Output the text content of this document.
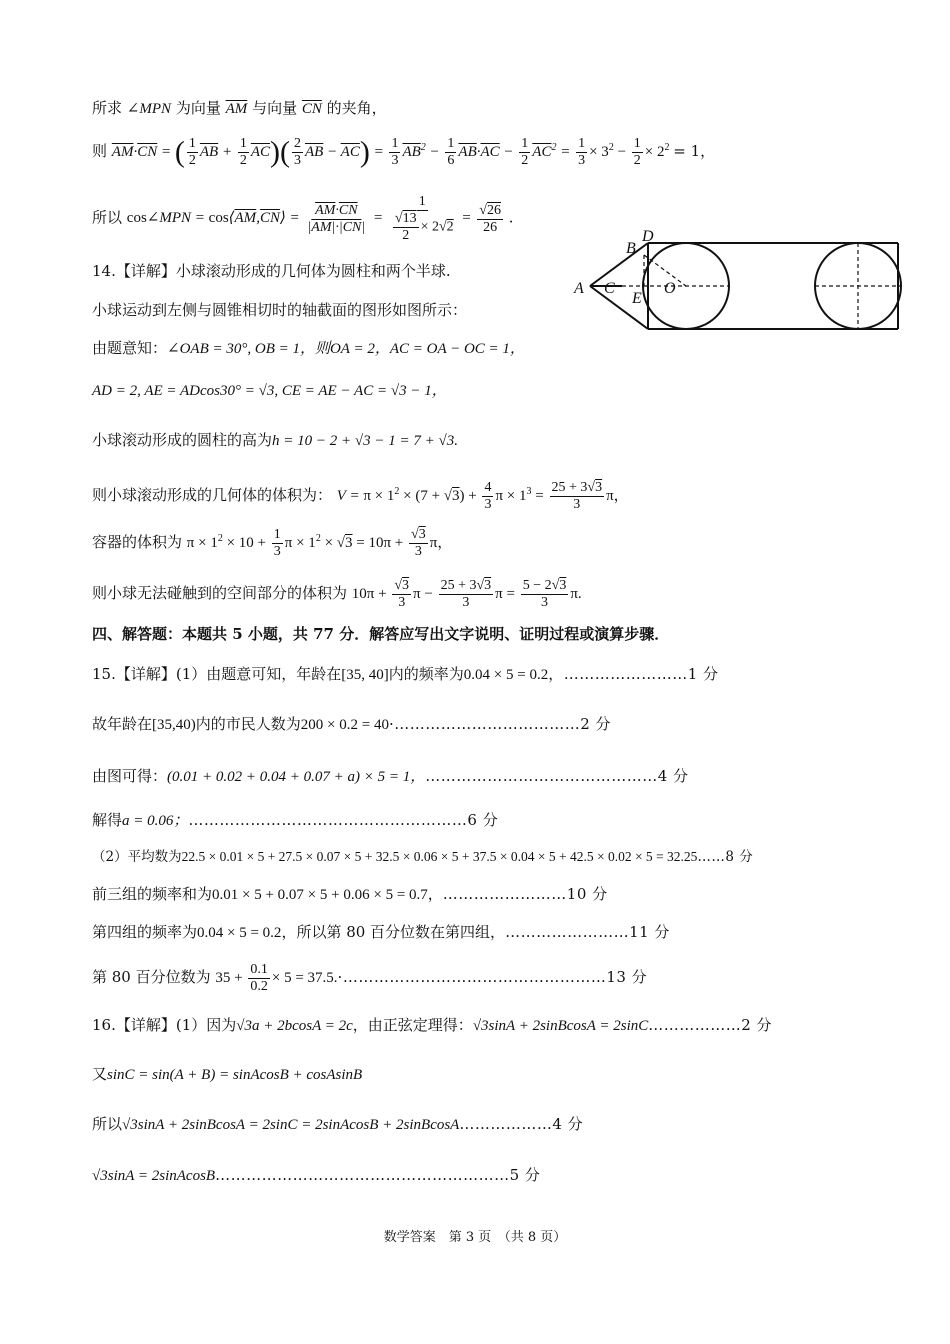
所求 ∠MPN 为向量 $\overline{AM}$ 与向量 $\overline{CN}$ 的夹角，
则 $\overline{AM}\cdot\overline{CN}$ = ( $\frac{1}{2} \overline{AB} + \frac{1}{2} \overline{AC})( \frac{2}{3} \overline{AB} - \overline{AC}) = \frac{1}{3} \overline{AB}^2 - \frac{1}{6} \overline{AB}\cdot\overline{AC} - \frac{1}{2} \overline{AC}^2 = \frac{1}{3} \times 3^2 - \frac{1}{2} \times 2^2 = 1$，
所以 cos∠MPN = $\cos⟨\overline{AM},\overline{CN}⟩ = \frac{\overline{AM}\cdot\overline{CN}}{|\overline{AM}|\cdot|\overline{CN}|} = \frac{1}{\frac{√13}{2} \times 2√2} = \frac{√26}{26}$ .
A
B
C
D
E
O
14.【详解】小球滚动形成的几何体为圆柱和两个半球.
小球运动到左侧与圆锥相切时的轴截面的图形如图所示：
由题意知：∠OAB = 30°, OB = 1，则OA = 2，AC = OA − OC = 1，
AD = 2, AE = ADcos30° = √3, CE = AE − AC = √3 − 1，
小球滚动形成的圆柱的高为h = 10 − 2 + √3 − 1 = 7 + √3.
则小球滚动形成的几何体的体积为： $V = \pi \times 1^2 \times (7 + √3) + \frac{4}{3}$ $\pi \times 1^3 = \frac{25 + 3√3}{3}$ π，
容器的体积为 $\pi \times 1^2 \times 10 + \frac{1}{3}$ $\pi \times 1^2 \times √3 = 10\pi + \frac{√3}{3}$ π，
则小球无法碰触到的空间部分的体积为 $10\pi + \frac{√3}{3}$ $\pi - \frac{25 + 3√3}{3}$ $\pi = \frac{5 - 2√3}{3} \pi$.
四、解答题：本题共 5 小题，共 77 分．解答应写出文字说明、证明过程或演算步骤．
15.【详解】(1）由题意可知，年龄在[35, 40]内的频率为0.04 × 5 = 0.2，……………………1 分
故年龄在[35,40)内的市民人数为200 × 0.2 = 40·………………………………2 分
由图可得：(0.01 + 0.02 + 0.04 + 0.07 + a) × 5 = 1，………………………………………4 分
解得a = 0.06；………………………………………………6 分
（2）平均数为22.5 × 0.01 × 5 + 27.5 × 0.07 × 5 + 32.5 × 0.06 × 5 + 37.5 × 0.04 × 5 + 42.5 × 0.02 × 5 = 32.25……8 分
前三组的频率和为0.01 × 5 + 0.07 × 5 + 0.06 × 5 = 0.7，……………………10 分
第四组的频率为0.04 × 5 = 0.2，所以第 80 百分位数在第四组，……………………11 分
第 80 百分位数为 $35 + \frac{0.1}{0.2} \times 5$ = 37.5.·……………………………………………13 分
16.【详解】(1）因为√3a + 2bcosA = 2c，由正弦定理得：√3sinA + 2sinBcosA = 2sinC………………2 分
又sinC = sin(A + B) = sinAcosB + cosAsinB
所以√3sinA + 2sinBcosA = 2sinC = 2sinAcosB + 2sinBcosA………………4 分
√3sinA = 2sinAcosB…………………………………………………5 分
数学答案　第 3 页　（共 8 页）
